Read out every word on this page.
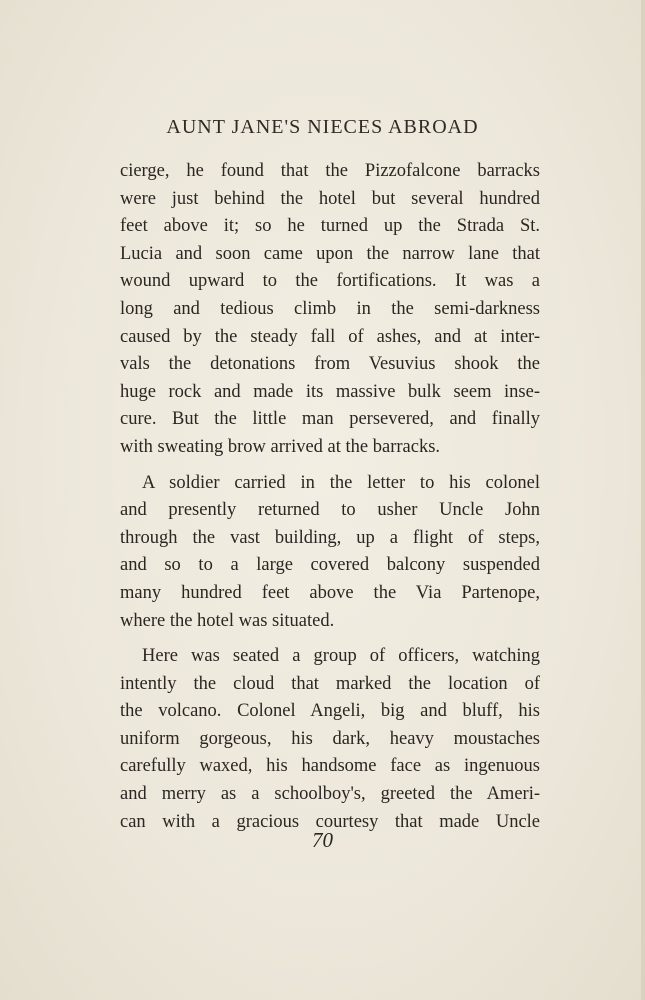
AUNT JANE'S NIECES ABROAD
cierge, he found that the Pizzofalcone barracks
were just behind the hotel but several hundred
feet above it; so he turned up the Strada St.
Lucia and soon came upon the narrow lane that
wound upward to the fortifications. It was a
long and tedious climb in the semi-darkness
caused by the steady fall of ashes, and at inter-
vals the detonations from Vesuvius shook the
huge rock and made its massive bulk seem inse-
cure. But the little man persevered, and finally
with sweating brow arrived at the barracks.
A soldier carried in the letter to his colonel
and presently returned to usher Uncle John
through the vast building, up a flight of steps,
and so to a large covered balcony suspended
many hundred feet above the Via Partenope,
where the hotel was situated.
Here was seated a group of officers, watching
intently the cloud that marked the location of
the volcano. Colonel Angeli, big and bluff, his
uniform gorgeous, his dark, heavy moustaches
carefully waxed, his handsome face as ingenuous
and merry as a schoolboy's, greeted the Ameri-
can with a gracious courtesy that made Uncle
70
